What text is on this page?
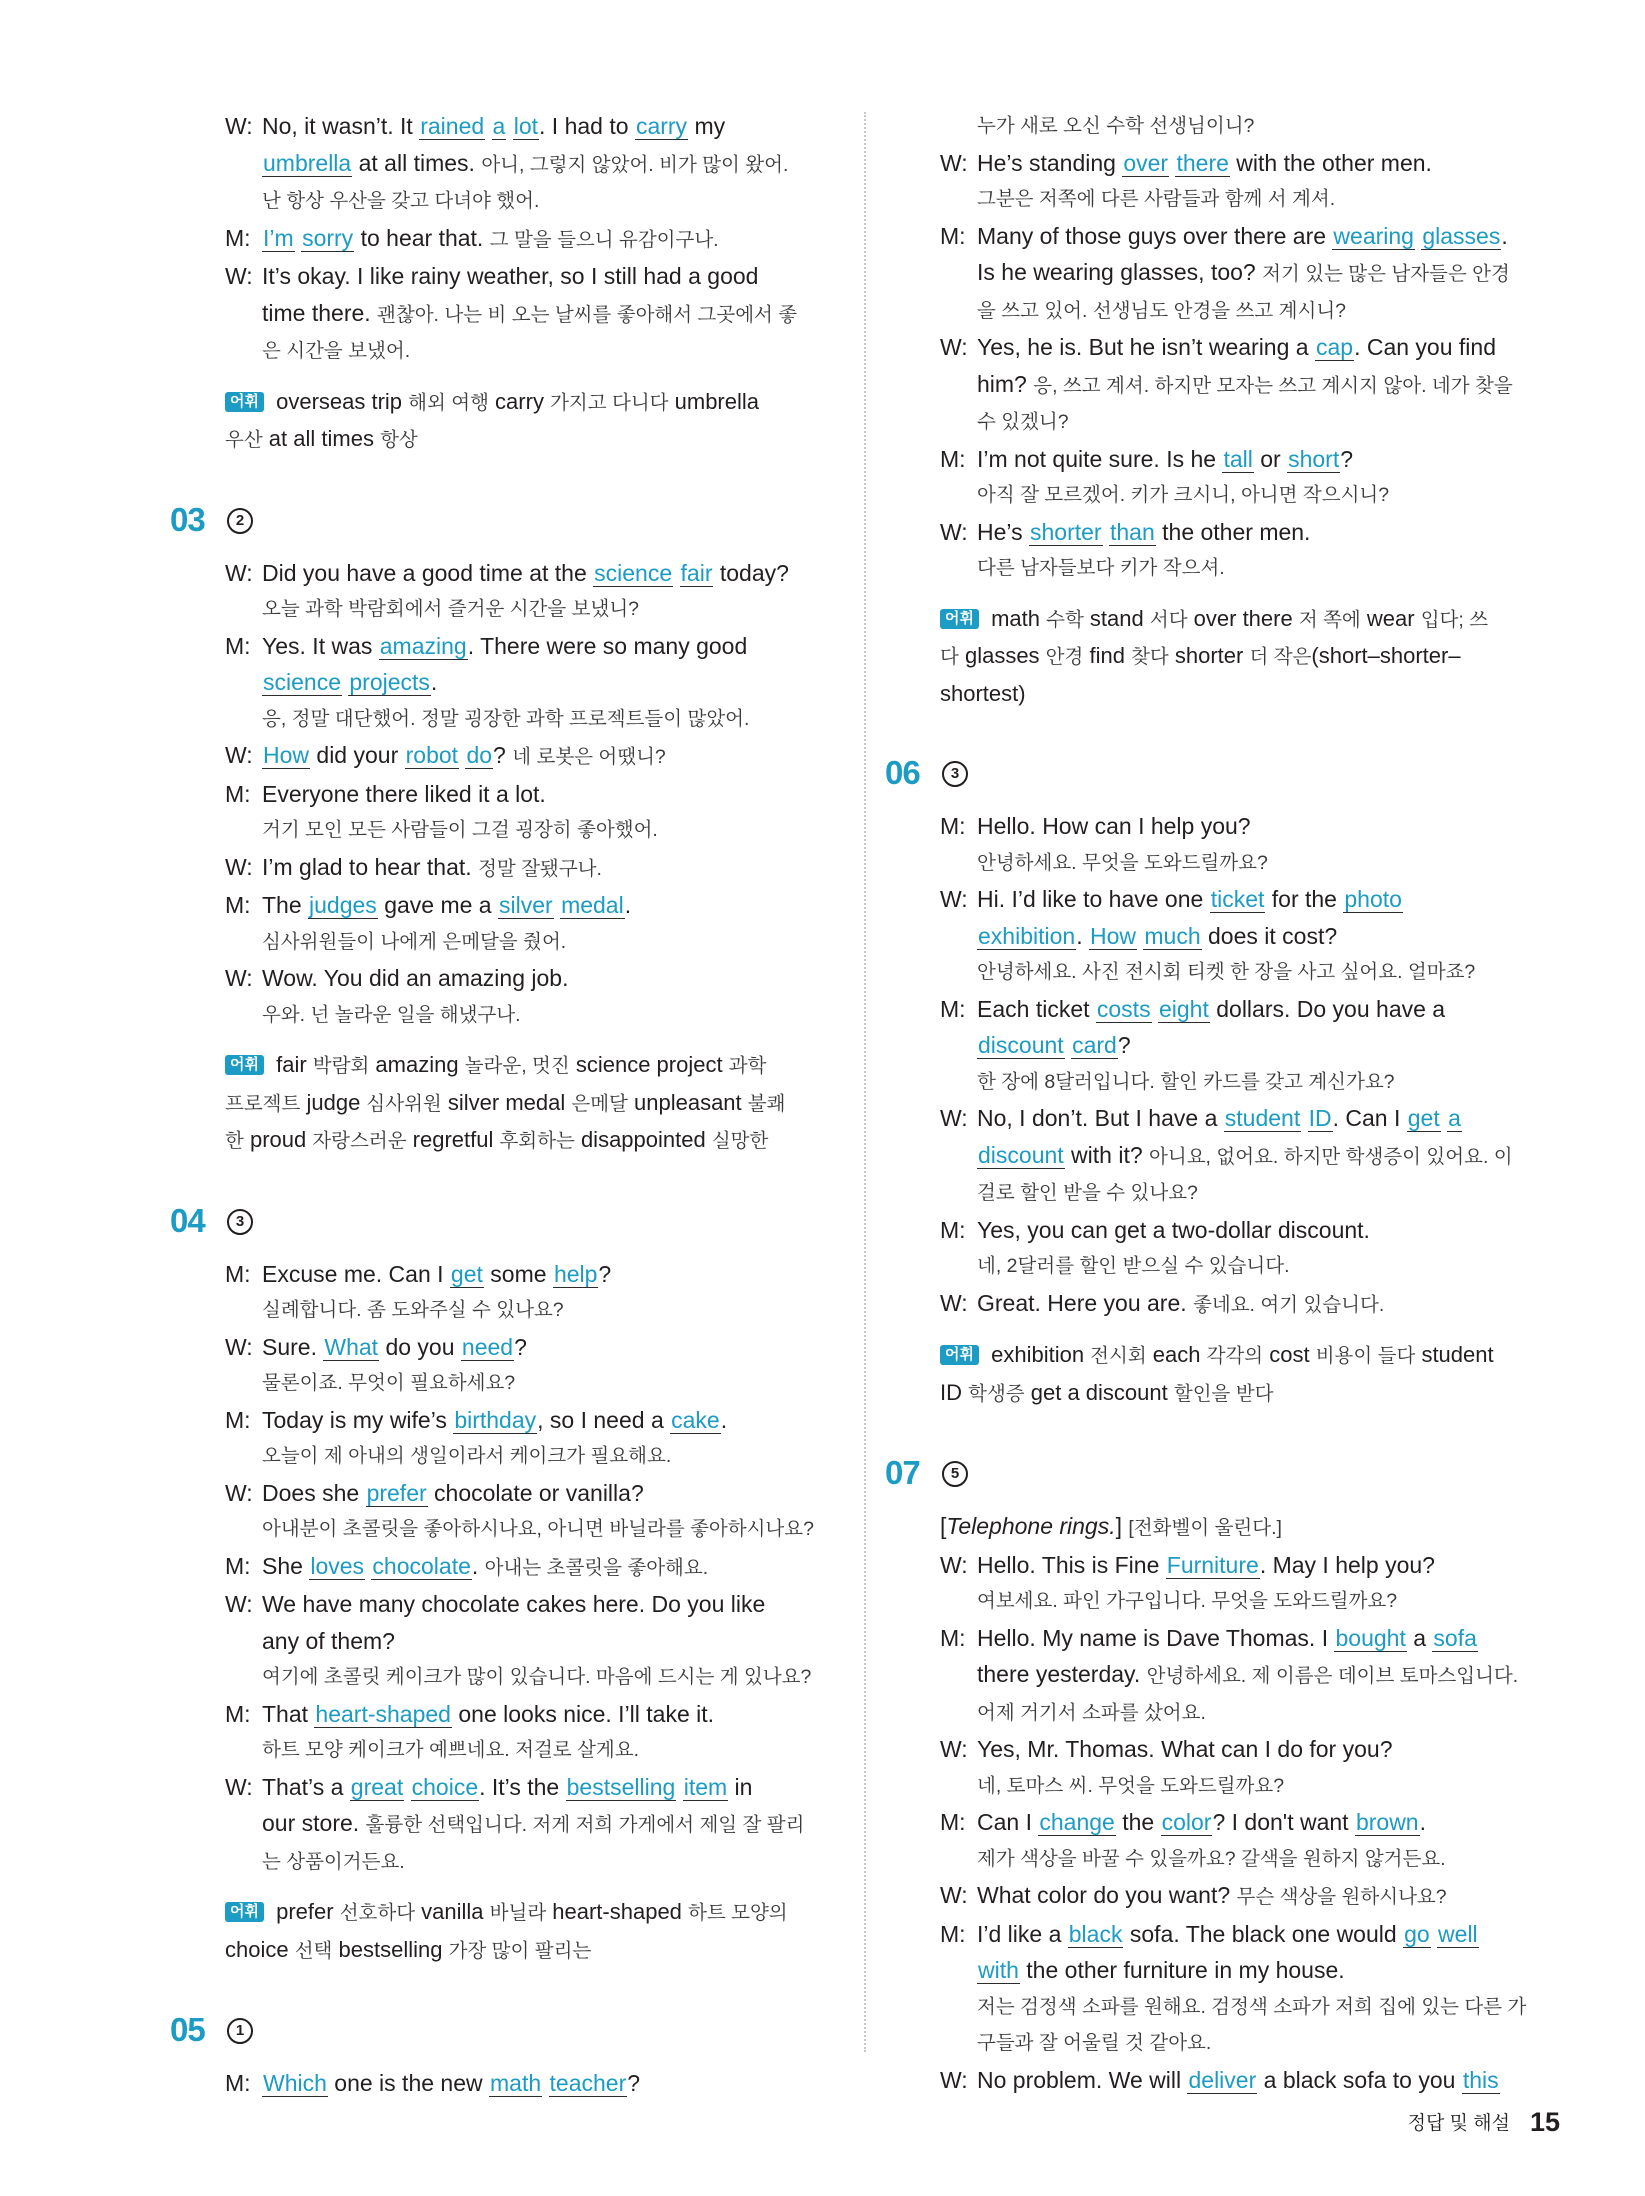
W: No, it wasn’t. It rained a lot. I had to carry my
umbrella at all times. 아니, 그렇지 않았어. 비가 많이 왔어.
난 항상 우산을 갖고 다녀야 했어.
M: I’m sorry to hear that. 그 말을 들으니 유감이구나.
W: It’s okay. I like rainy weather, so I still had a good
time there. 괜찮아. 나는 비 오는 날씨를 좋아해서 그곳에서 좋
은 시간을 보냈어.
어휘 overseas trip 해외 여행 carry 가지고 다니다 umbrella
우산 at all times 항상
03	2
W: Did you have a good time at the science fair today?
오늘 과학 박람회에서 즐거운 시간을 보냈니?
M: Yes. It was amazing. There were so many good
science projects.
응, 정말 대단했어. 정말 굉장한 과학 프로젝트들이 많았어.
W: How did your robot do? 네 로봇은 어땠니?
M: Everyone there liked it a lot.
거기 모인 모든 사람들이 그걸 굉장히 좋아했어.
W: I’m glad to hear that. 정말 잘됐구나.
M: The judges gave me a silver medal.
심사위원들이 나에게 은메달을 줬어.
W: Wow. You did an amazing job.
우와. 넌 놀라운 일을 해냈구나.
어휘 fair 박람회 amazing 놀라운, 멋진 science project 과학
프로젝트 judge 심사위원 silver medal 은메달 unpleasant 불쾌
한 proud 자랑스러운 regretful 후회하는 disappointed 실망한
04	3
M: Excuse me. Can I get some help?
실례합니다. 좀 도와주실 수 있나요?
W: Sure. What do you need?
물론이죠. 무엇이 필요하세요?
M: Today is my wife’s birthday, so I need a cake.
오늘이 제 아내의 생일이라서 케이크가 필요해요.
W: Does she prefer chocolate or vanilla?
아내분이 초콜릿을 좋아하시나요, 아니면 바닐라를 좋아하시나요?
M: She loves chocolate. 아내는 초콜릿을 좋아해요.
W: We have many chocolate cakes here. Do you like
any of them?
여기에 초콜릿 케이크가 많이 있습니다. 마음에 드시는 게 있나요?
M: That heart-shaped one looks nice. I’ll take it.
하트 모양 케이크가 예쁘네요. 저걸로 살게요.
W: That’s a great choice. It’s the bestselling item in
our store. 훌륭한 선택입니다. 저게 저희 가게에서 제일 잘 팔리
는 상품이거든요.
어휘 prefer 선호하다 vanilla 바닐라 heart-shaped 하트 모양의
choice 선택 bestselling 가장 많이 팔리는
05	1
M: Which one is the new math teacher?
누가 새로 오신 수학 선생님이니?
W: He’s standing over there with the other men.
그분은 저쪽에 다른 사람들과 함께 서 계셔.
M: Many of those guys over there are wearing glasses.
Is he wearing glasses, too? 저기 있는 많은 남자들은 안경
을 쓰고 있어. 선생님도 안경을 쓰고 계시니?
W: Yes, he is. But he isn’t wearing a cap. Can you find
him? 응, 쓰고 계셔. 하지만 모자는 쓰고 계시지 않아. 네가 찾을
수 있겠니?
M: I’m not quite sure. Is he tall or short?
아직 잘 모르겠어. 키가 크시니, 아니면 작으시니?
W: He’s shorter than the other men.
다른 남자들보다 키가 작으셔.
어휘 math 수학 stand 서다 over there 저 쪽에 wear 입다; 쓰
다 glasses 안경 find 찾다 shorter 더 작은(short–shorter–
shortest)
06	3
M: Hello. How can I help you?
안녕하세요. 무엇을 도와드릴까요?
W: Hi. I’d like to have one ticket for the photo
exhibition. How much does it cost?
안녕하세요. 사진 전시회 티켓 한 장을 사고 싶어요. 얼마죠?
M: Each ticket costs eight dollars. Do you have a
discount card?
한 장에 8달러입니다. 할인 카드를 갖고 계신가요?
W: No, I don’t. But I have a student ID. Can I get a
discount with it? 아니요, 없어요. 하지만 학생증이 있어요. 이
걸로 할인 받을 수 있나요?
M: Yes, you can get a two-dollar discount.
네, 2달러를 할인 받으실 수 있습니다.
W: Great. Here you are. 좋네요. 여기 있습니다.
어휘 exhibition 전시회 each 각각의 cost 비용이 들다 student
ID 학생증 get a discount 할인을 받다
07	5
[Telephone rings.] [전화벨이 울린다.]
W: Hello. This is Fine Furniture. May I help you?
여보세요. 파인 가구입니다. 무엇을 도와드릴까요?
M: Hello. My name is Dave Thomas. I bought a sofa
there yesterday. 안녕하세요. 제 이름은 데이브 토마스입니다.
어제 거기서 소파를 샀어요.
W: Yes, Mr. Thomas. What can I do for you?
네, 토마스 씨. 무엇을 도와드릴까요?
M: Can I change the color? I don't want brown.
제가 색상을 바꿀 수 있을까요? 갈색을 원하지 않거든요.
W: What color do you want? 무슨 색상을 원하시나요?
M: I’d like a black sofa. The black one would go well
with the other furniture in my house.
저는 검정색 소파를 원해요. 검정색 소파가 저희 집에 있는 다른 가
구들과 잘 어울릴 것 같아요.
W: No problem. We will deliver a black sofa to you this
정답 및 해설 15
